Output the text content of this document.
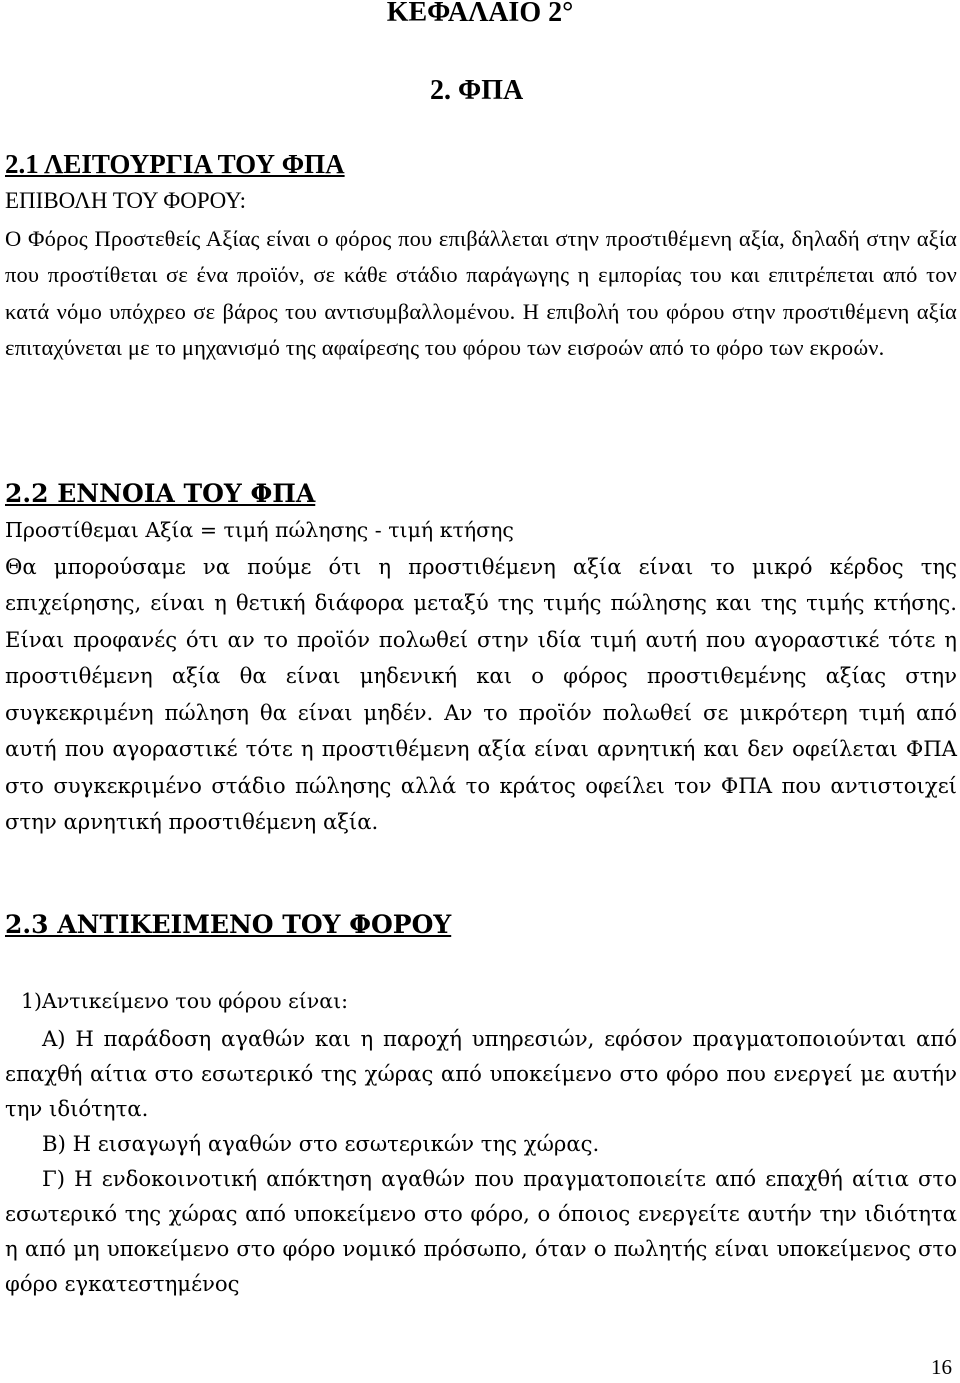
ΚΕΦΑΛΑΙΟ 2°
2. ΦΠΑ

2.1 ΛΕΙΤΟΥΡΓΙΑ ΤΟΥ ΦΠΑ

ΕΠΙΒΟΛΗ ΤΟΥ ΦΟΡΟΥ:

Ο Φόρος Προστεθείς Αξίας είναι ο φόρος που επιβάλλεται στην προστιθέμενη αξία, δηλαδή στην αξία που προστίθεται σε ένα προϊόν, σε κάθε στάδιο παράγωγης η εμπορίας του και επιτρέπεται από τον κατά νόμο υπόχρεο σε βάρος του αντισυμβαλλομένου. Η επιβολή του φόρου στην προστιθέμενη αξία επιταχύνεται με το μηχανισμό της αφαίρεσης του φόρου των εισροών από το φόρο των εκροών.

2.2 ΕΝΝΟΙΑ ΤΟΥ ΦΠΑ

Προστίθεμαι Αξία = τιμή πώλησης - τιμή κτήσης

Θα μπορούσαμε να πούμε ότι η προστιθέμενη αξία είναι το μικρό κέρδος της επιχείρησης, είναι η θετική διάφορα μεταξύ της τιμής πώλησης και της τιμής κτήσης. Είναι προφανές ότι αν το προϊόν πολωθεί στην ιδία τιμή αυτή που αγοραστικέ τότε η προστιθέμενη αξία θα είναι μηδενική και ο φόρος προστιθεμένης αξίας στην συγκεκριμένη πώληση θα είναι μηδέν. Αν το προϊόν πολωθεί σε μικρότερη τιμή από αυτή που αγοραστικέ τότε η προστιθέμενη αξία είναι αρνητική και δεν οφείλεται ΦΠΑ στο συγκεκριμένο στάδιο πώλησης αλλά το κράτος οφείλει τον ΦΠΑ που αντιστοιχεί στην αρνητική προστιθέμενη αξία.

2.3 ΑΝΤΙΚΕΙΜΕΝΟ ΤΟΥ ΦΟΡΟΥ

1)Αντικείμενο του φόρου είναι:

Α) Η παράδοση αγαθών και η παροχή υπηρεσιών, εφόσον πραγματοποιούνται από επαχθή αίτια στο εσωτερικό της χώρας από υποκείμενο στο φόρο που ενεργεί με αυτήν την ιδιότητα.

Β) Η εισαγωγή αγαθών στο εσωτερικών της χώρας.

Γ) Η ενδοκοινοτική απόκτηση αγαθών που πραγματοποιείτε από επαχθή αίτια στο εσωτερικό της χώρας από υποκείμενο στο φόρο, ο όποιος ενεργείτε αυτήν την ιδιότητα η από μη υποκείμενο στο φόρο νομικό πρόσωπο, όταν ο πωλητής είναι υποκείμενος στο φόρο εγκατεστημένος

16
